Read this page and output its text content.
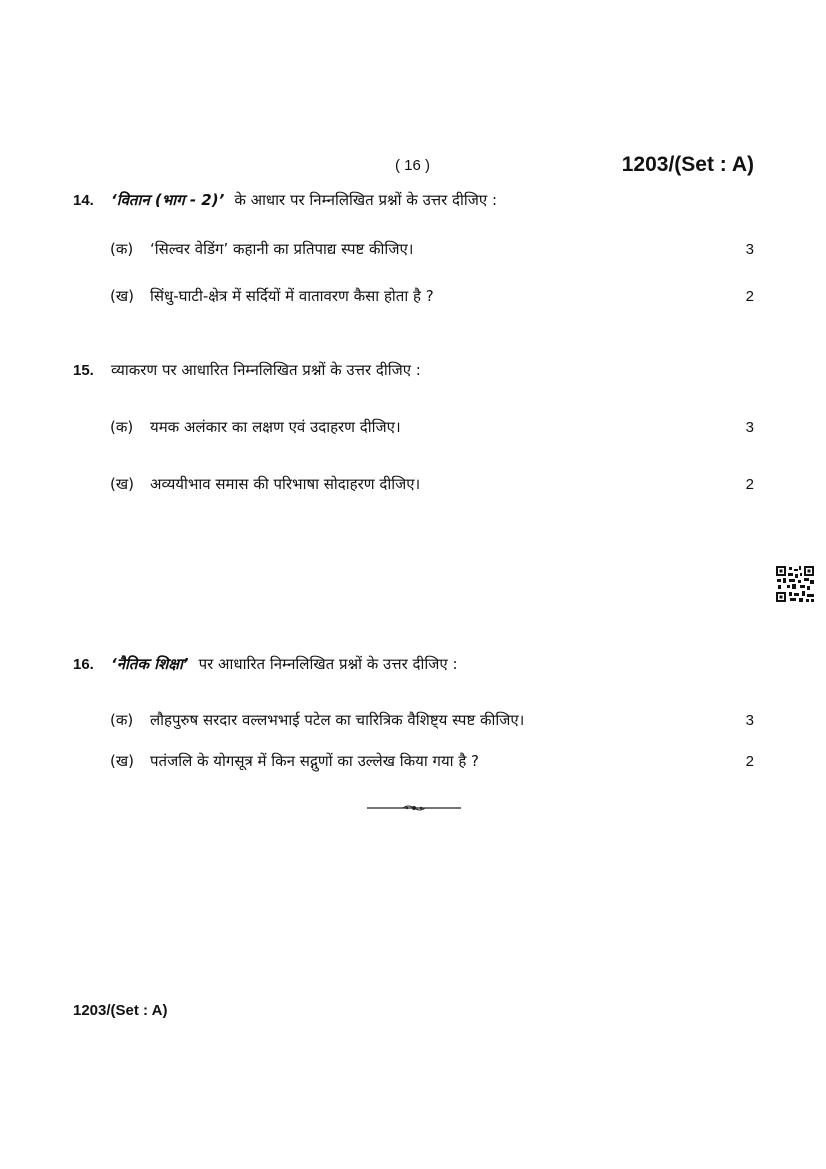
( 16 )	1203/(Set : A)
14.	‘वितान (भाग - 2)’ के आधार पर निम्नलिखित प्रश्नों के उत्तर दीजिए :
(क)	‘सिल्वर वेडिंग’ कहानी का प्रतिपाद्य स्पष्ट कीजिए।	3
(ख)	सिंधु-घाटी-क्षेत्र में सर्दियों में वातावरण कैसा होता है ?	2
15.	व्याकरण पर आधारित निम्नलिखित प्रश्नों के उत्तर दीजिए :
(क)	यमक अलंकार का लक्षण एवं उदाहरण दीजिए।	3
(ख)	अव्ययीभाव समास की परिभाषा सोदाहरण दीजिए।	2
16.	‘नैतिक शिक्षा’ पर आधारित निम्नलिखित प्रश्नों के उत्तर दीजिए :
(क)	लौहपुरुष सरदार वल्लभभाई पटेल का चारित्रिक वैशिष्ट्य स्पष्ट कीजिए।	3
(ख)	पतंजलि के योगसूत्र में किन सद्गुणों का उल्लेख किया गया है ?	2
1203/(Set : A)
